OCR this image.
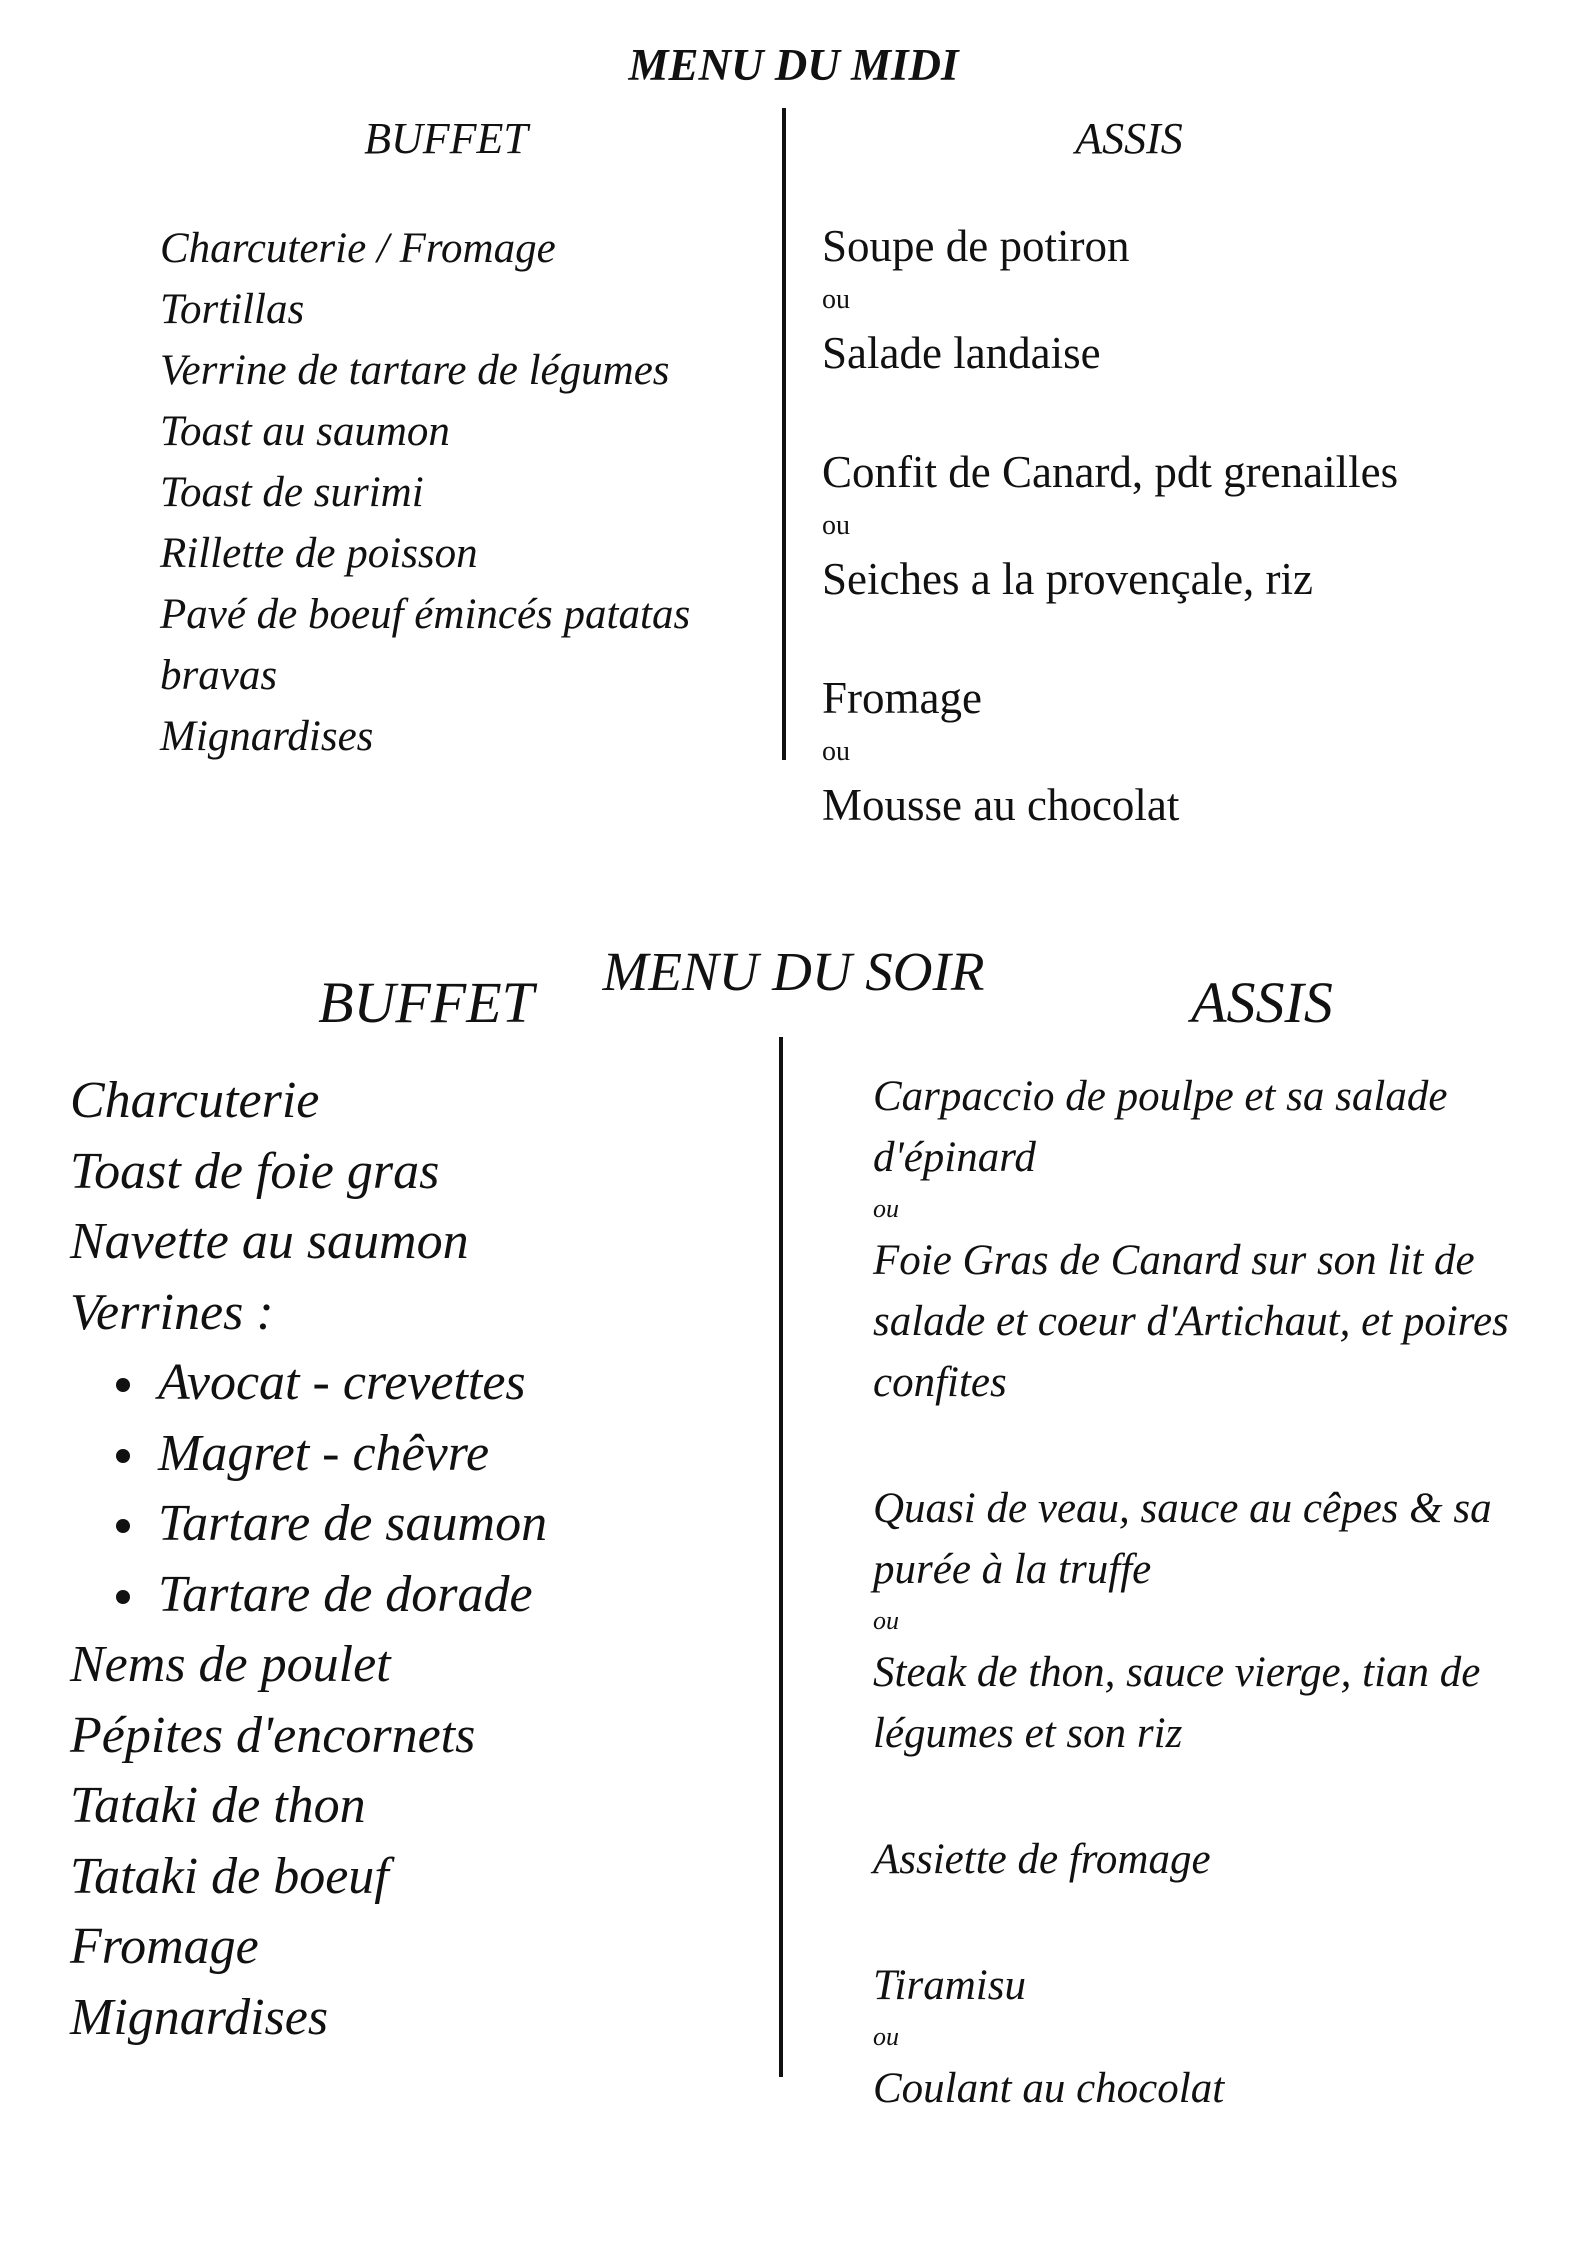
MENU DU MIDI
BUFFET	ASSIS
Charcuterie / Fromage
Tortillas
Verrine de tartare de légumes
Toast au saumon
Toast de surimi
Rillette de poisson
Pavé de boeuf émincés patatas
bravas
Mignardises

Soupe de potiron

ou

Salade landaise

Confit de Canard, pdt grenailles

ou

Seiches a la provençale, riz

Fromage

ou

Mousse au chocolat

MENU DU SOIR
BUFFET	ASSIS
Charcuterie
Toast de foie gras
Navette au saumon
Verrines :
Avocat - crevettes
Magret - chêvre
Tartare de saumon
Tartare de dorade
Nems de poulet
Pépites d'encornets
Tataki de thon
Tataki de boeuf
Fromage
Mignardises

Carpaccio de poulpe et sa salade

d'épinard

ou

Foie Gras de Canard sur son lit de

salade et coeur d'Artichaut, et poires

confites

Quasi de veau, sauce au cêpes & sa

purée à la truffe

ou

Steak de thon, sauce vierge, tian de

légumes et son riz

Assiette de fromage

Tiramisu

ou

Coulant au chocolat
